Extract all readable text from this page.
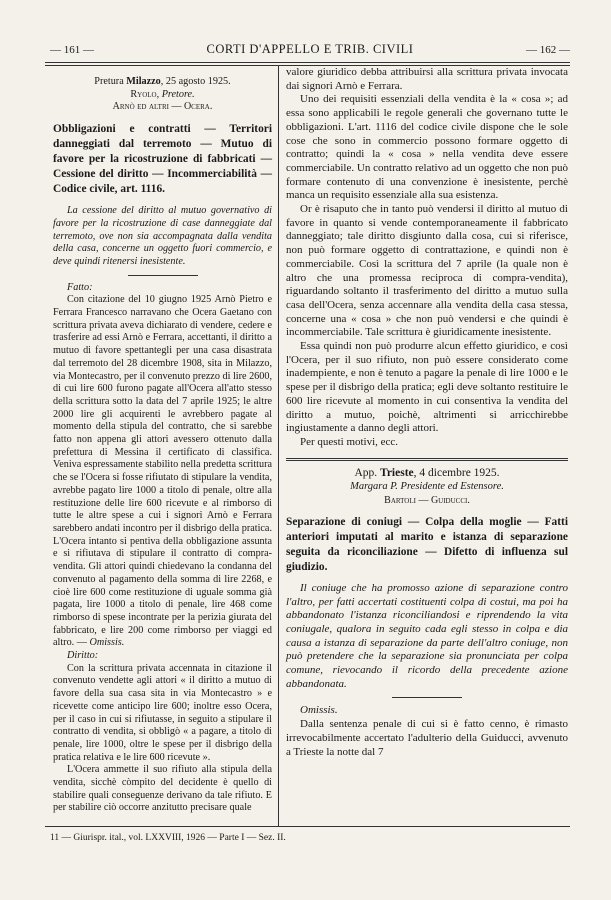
— 161 —	CORTI D'APPELLO E TRIB. CIVILI	— 162 —

Pretura Milazzo, 25 agosto 1925.

Ryolo, Pretore.

Arnò ed altri — Ocera.

Obbligazioni e contratti — Territori danneggiati dal terremoto — Mutuo di favore per la ricostruzione di fabbricati — Cessione del diritto — Incommerciabilità — Codice civile, art. 1116.

La cessione del diritto al mutuo governativo di favore per la ricostruzione di case danneggiate dal terremoto, ove non sia accompagnata dalla vendita della casa, concerne un oggetto fuori commercio, e deve quindi ritenersi inesistente.

Fatto:

Con citazione del 10 giugno 1925 Arnò Pietro e Ferrara Francesco narravano che Ocera Gaetano con scrittura privata aveva dichiarato di vendere, cedere e trasferire ad essi Arnò e Ferrara, accettanti, il diritto a mutuo di favore spettantegli per una casa disastrata dal terremoto del 28 dicembre 1908, sita in Milazzo, via Montecastro, per il convenuto prezzo di lire 2600, di cui lire 600 furono pagate all'Ocera all'atto stesso della scrittura sotto la data del 7 aprile 1925; le altre 2000 lire gli acquirenti le avrebbero pagate al momento della stipula del contratto, che si sarebbe fatto non appena gli attori avessero ottenuto dalla prefettura di Messina il certificato di classifica. Veniva espressamente stabilito nella predetta scrittura che se l'Ocera si fosse rifiutato di stipulare la vendita, avrebbe pagato lire 1000 a titolo di penale, oltre alla restituzione delle lire 600 ricevute e al rimborso di tutte le altre spese a cui i signori Arnò e Ferrara sarebbero andati incontro per il disbrigo della pratica. L'Ocera intanto si pentiva della obbligazione assunta e si rifiutava di stipulare il contratto di compra-vendita. Gli attori quindi chiedevano la condanna del convenuto al pagamento della somma di lire 2268, e cioè lire 600 come restituzione di uguale somma già pagata, lire 1000 a titolo di penale, lire 468 come rimborso di spese incontrate per la perizia giurata del fabbricato, e lire 200 come rimborso per viaggi ed altro. — Omissis.

Diritto:

Con la scrittura privata accennata in citazione il convenuto vendette agli attori « il diritto a mutuo di favore della sua casa sita in via Montecastro » e ricevette come anticipo lire 600; inoltre esso Ocera, per il caso in cui si rifiutasse, in seguito a stipulare il contratto di vendita, si obbligò « a pagare, a titolo di penale, lire 1000, oltre le spese per il disbrigo della pratica relativa e le lire 600 ricevute ».

L'Ocera ammette il suo rifiuto alla stipula della vendita, sicchè còmpito del decidente è quello di stabilire quali conseguenze derivano da tale rifiuto. E per stabilire ciò occorre anzitutto precisare quale

valore giuridico debba attribuirsi alla scrittura privata invocata dai signori Arnò e Ferrara.

Uno dei requisiti essenziali della vendita è la « cosa »; ad essa sono applicabili le regole generali che governano tutte le obbligazioni. L'art. 1116 del codice civile dispone che le sole cose che sono in commercio possono formare oggetto di contratto; quindi la « cosa » nella vendita deve essere commerciabile. Un contratto relativo ad un oggetto che non può formare contenuto di una convenzione è inesistente, perchè manca un requisito essenziale alla sua esistenza.

Or è risaputo che in tanto può vendersi il diritto al mutuo di favore in quanto si vende contemporaneamente il fabbricato danneggiato; tale diritto disgiunto dalla cosa, cui si riferisce, non può formare oggetto di contrattazione, e quindi non è commerciabile. Così la scrittura del 7 aprile (la quale non è altro che una promessa reciproca di compra-vendita), riguardando soltanto il trasferimento del diritto a mutuo sulla casa dell'Ocera, senza accennare alla vendita della casa stessa, concerne una « cosa » che non può vendersi e che quindi è incommerciabile. Tale scrittura è giuridicamente inesistente.

Essa quindi non può produrre alcun effetto giuridico, e così l'Ocera, per il suo rifiuto, non può essere considerato come inadempiente, e non è tenuto a pagare la penale di lire 1000 e le spese per il disbrigo della pratica; egli deve soltanto restituire le 600 lire ricevute al momento in cui consentiva la vendita del diritto a mutuo, poichè, altrimenti si arricchirebbe ingiustamente a danno degli attori.

Per questi motivi, ecc.

App. Trieste, 4 dicembre 1925.

Margara P. Presidente ed Estensore.

Bartoli — Guiducci.

Separazione di coniugi — Colpa della moglie — Fatti anteriori imputati al marito e istanza di separazione seguita da riconciliazione — Difetto di influenza sul giudizio.

Il coniuge che ha promosso azione di separazione contro l'altro, per fatti accertati costituenti colpa di costui, ma poi ha abbandonato l'istanza riconciliandosi e riprendendo la vita coniugale, qualora in seguito cada egli stesso in colpa e dia causa a istanza di separazione da parte dell'altro coniuge, non può pretendere che la separazione sia pronunciata per colpa comune, rievocando il ricordo della precedente azione abbandonata.

Omissis.

Dalla sentenza penale di cui si è fatto cenno, è rimasto irrevocabilmente accertato l'adulterio della Guiducci, avvenuto a Trieste la notte dal 7

11 — Giurispr. ital., vol. LXXVIII, 1926 — Parte I — Sez. II.
